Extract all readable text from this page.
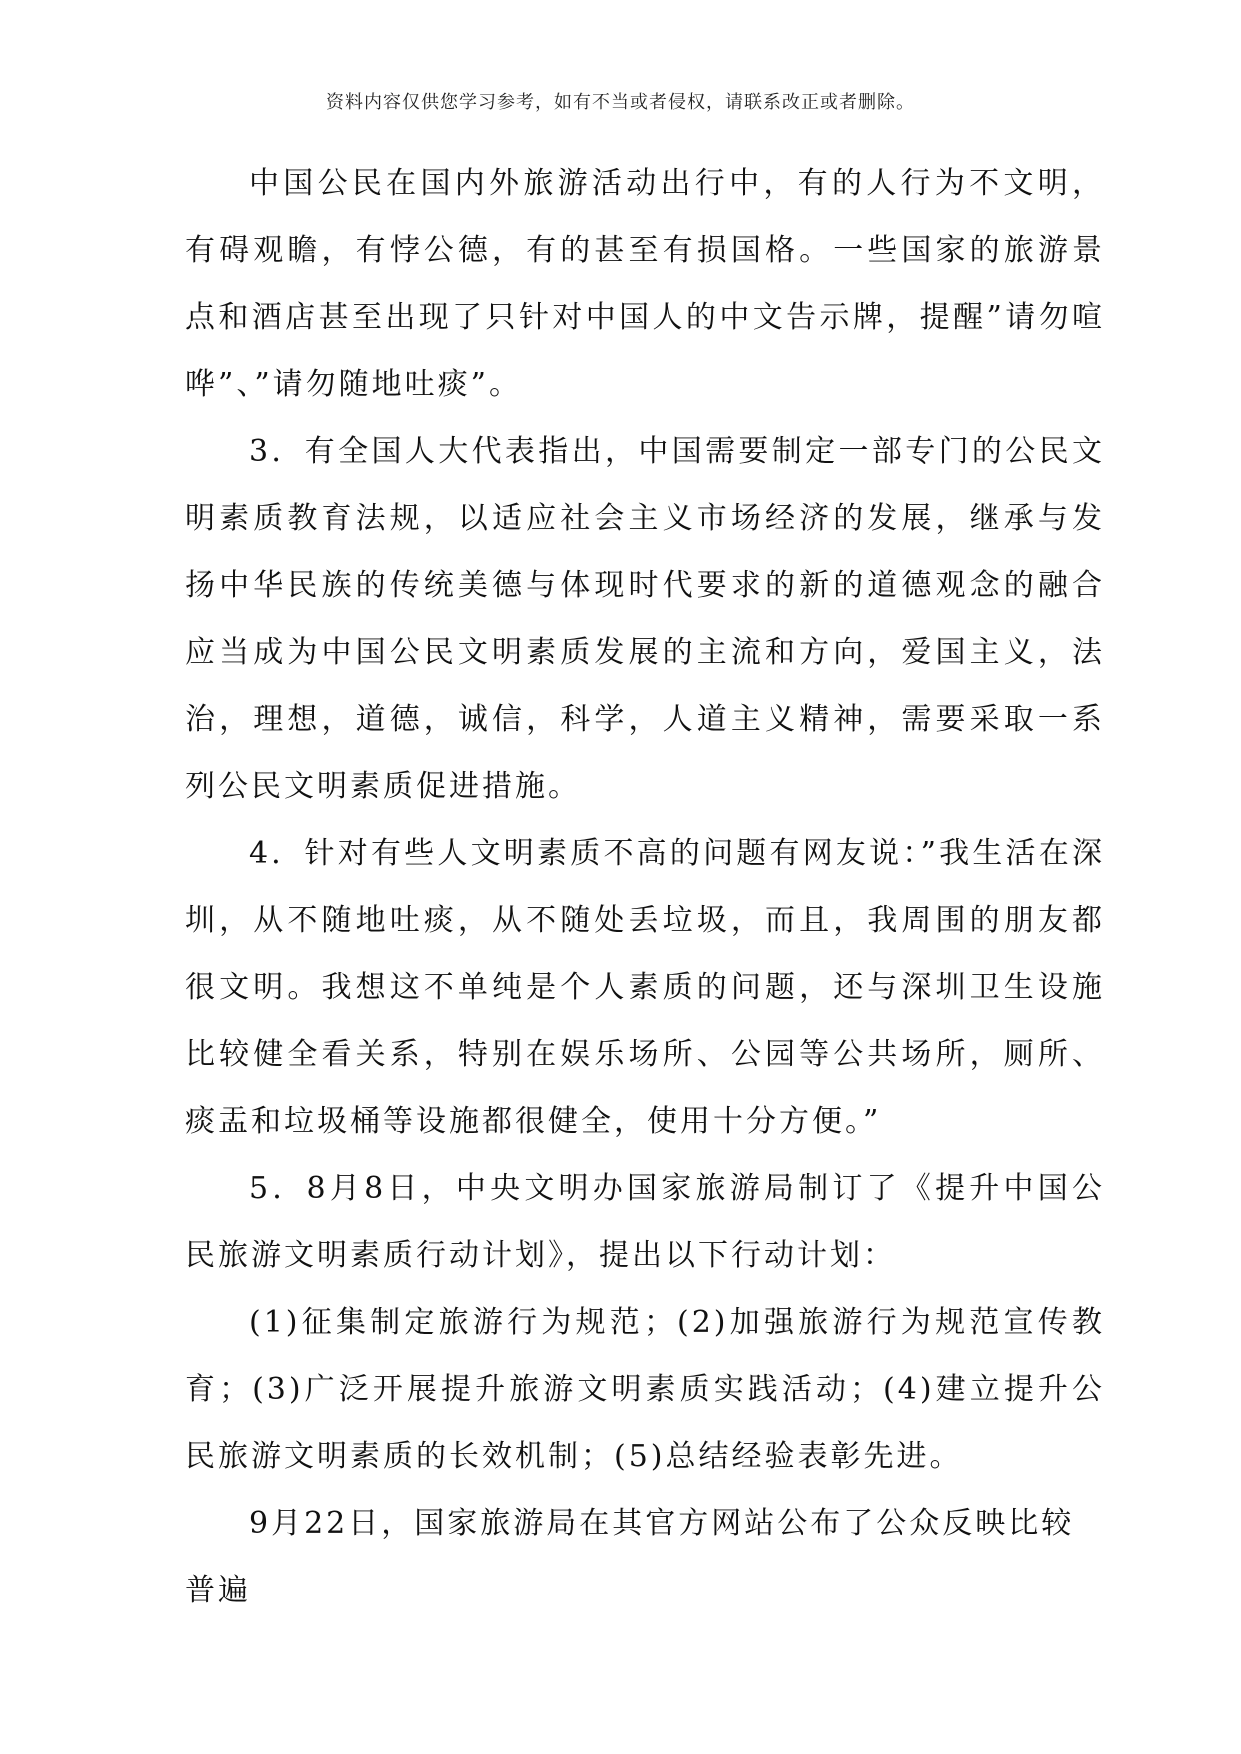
资料内容仅供您学习参考，如有不当或者侵权，请联系改正或者删除。

中国公民在国内外旅游活动出行中，有的人行为不文明，有碍观瞻，有悖公德，有的甚至有损国格。一些国家的旅游景点和酒店甚至出现了只针对中国人的中文告示牌，提醒”请勿喧哗”、”请勿随地吐痰”。

3．有全国人大代表指出，中国需要制定一部专门的公民文明素质教育法规，以适应社会主义市场经济的发展，继承与发扬中华民族的传统美德与体现时代要求的新的道德观念的融合应当成为中国公民文明素质发展的主流和方向，爱国主义，法治，理想，道德，诚信，科学，人道主义精神，需要采取一系列公民文明素质促进措施。

4．针对有些人文明素质不高的问题有网友说：”我生活在深圳，从不随地吐痰，从不随处丢垃圾，而且，我周围的朋友都很文明。我想这不单纯是个人素质的问题，还与深圳卫生设施比较健全看关系，特别在娱乐场所、公园等公共场所，厕所、痰盂和垃圾桶等设施都很健全，使用十分方便。”

5．8月8日，中央文明办国家旅游局制订了《提升中国公民旅游文明素质行动计划》，提出以下行动计划：

(1)征集制定旅游行为规范；(2)加强旅游行为规范宣传教育；(3)广泛开展提升旅游文明素质实践活动；(4)建立提升公民旅游文明素质的长效机制；(5)总结经验表彰先进。

9月22日，国家旅游局在其官方网站公布了公众反映比较普遍
